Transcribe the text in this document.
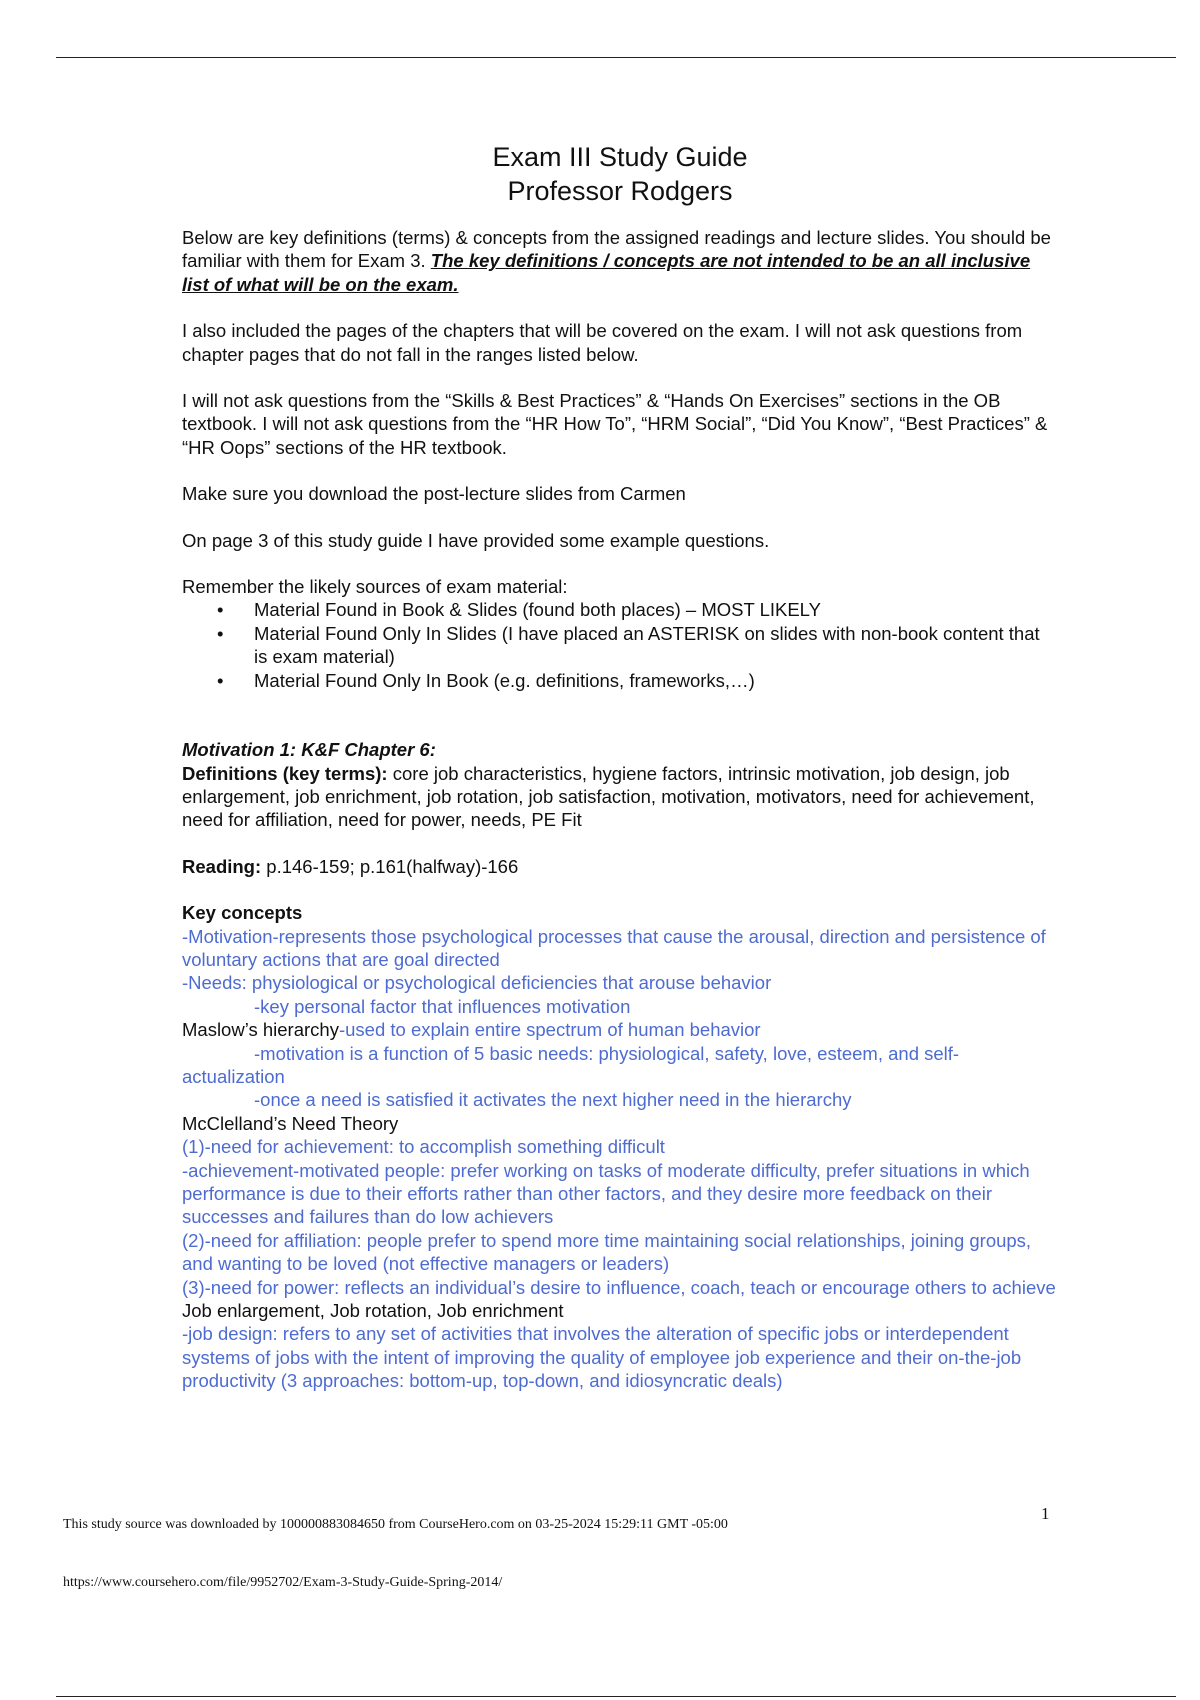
Exam III Study Guide
Professor Rodgers

Below are key definitions (terms) & concepts from the assigned readings and lecture slides. You should be familiar with them for Exam 3. The key definitions / concepts are not intended to be an all inclusive list of what will be on the exam.

I also included the pages of the chapters that will be covered on the exam. I will not ask questions from chapter pages that do not fall in the ranges listed below.

I will not ask questions from the “Skills & Best Practices” & “Hands On Exercises” sections in the OB textbook. I will not ask questions from the “HR How To”, “HRM Social”, “Did You Know”, “Best Practices” & “HR Oops” sections of the HR textbook.

Make sure you download the post-lecture slides from Carmen

On page 3 of this study guide I have provided some example questions.

Remember the likely sources of exam material:
• Material Found in Book & Slides (found both places) – MOST LIKELY
• Material Found Only In Slides (I have placed an ASTERISK on slides with non-book content that is exam material)
• Material Found Only In Book (e.g. definitions, frameworks,…)
Motivation 1: K&F Chapter 6:
Definitions (key terms): core job characteristics, hygiene factors, intrinsic motivation, job design, job enlargement, job enrichment, job rotation, job satisfaction, motivation, motivators, need for achievement, need for affiliation, need for power, needs, PE Fit
Reading: p.146-159; p.161(halfway)-166
Key concepts
-Motivation-represents those psychological processes that cause the arousal, direction and persistence of voluntary actions that are goal directed
-Needs: physiological or psychological deficiencies that arouse behavior
-key personal factor that influences motivation
Maslow’s hierarchy-used to explain entire spectrum of human behavior
-motivation is a function of 5 basic needs: physiological, safety, love, esteem, and self-actualization
-once a need is satisfied it activates the next higher need in the hierarchy
McClelland’s Need Theory
(1)-need for achievement: to accomplish something difficult
-achievement-motivated people: prefer working on tasks of moderate difficulty, prefer situations in which performance is due to their efforts rather than other factors, and they desire more feedback on their successes and failures than do low achievers
(2)-need for affiliation: people prefer to spend more time maintaining social relationships, joining groups, and wanting to be loved (not effective managers or leaders)
(3)-need for power: reflects an individual’s desire to influence, coach, teach or encourage others to achieve
Job enlargement, Job rotation, Job enrichment
-job design: refers to any set of activities that involves the alteration of specific jobs or interdependent systems of jobs with the intent of improving the quality of employee job experience and their on-the-job productivity (3 approaches: bottom-up, top-down, and idiosyncratic deals)
1
This study source was downloaded by 100000883084650 from CourseHero.com on 03-25-2024 15:29:11 GMT -05:00
https://www.coursehero.com/file/9952702/Exam-3-Study-Guide-Spring-2014/
